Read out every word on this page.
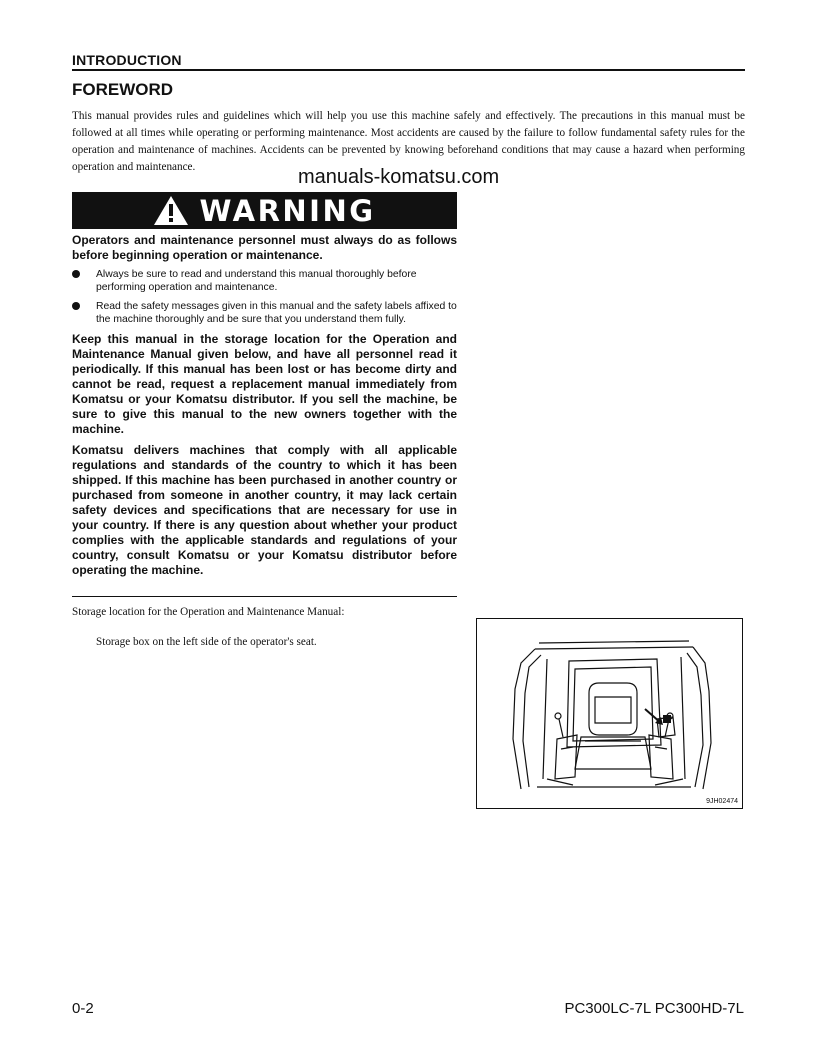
INTRODUCTION
FOREWORD
This manual provides rules and guidelines which will help you use this machine safely and effectively. The precautions in this manual must be followed at all times while operating or performing maintenance. Most accidents are caused by the failure to follow fundamental safety rules for the operation and maintenance of machines. Accidents can be prevented by knowing beforehand conditions that may cause a hazard when performing operation and maintenance.	manuals-komatsu.com
WARNING

Operators and maintenance personnel must always do as follows before beginning operation or maintenance.

Always be sure to read and understand this manual thoroughly before performing operation and maintenance.
Read the safety messages given in this manual and the safety labels affixed to the machine thoroughly and be sure that you understand them fully.

Keep this manual in the storage location for the Operation and Maintenance Manual given below, and have all personnel read it periodically. If this manual has been lost or has become dirty and cannot be read, request a replacement manual immediately from Komatsu or your Komatsu distributor. If you sell the machine, be sure to give this manual to the new owners together with the machine.

Komatsu delivers machines that comply with all applicable regulations and standards of the country to which it has been shipped. If this machine has been purchased in another country or purchased from someone in another country, it may lack certain safety devices and specifications that are necessary for use in your country. If there is any question about whether your product complies with the applicable standards and regulations of your country, consult Komatsu or your Komatsu distributor before operating the machine.

Storage location for the Operation and Maintenance Manual:
Storage box on the left side of the operator's seat.
9JH02474
0-2	PC300LC-7L PC300HD-7L
